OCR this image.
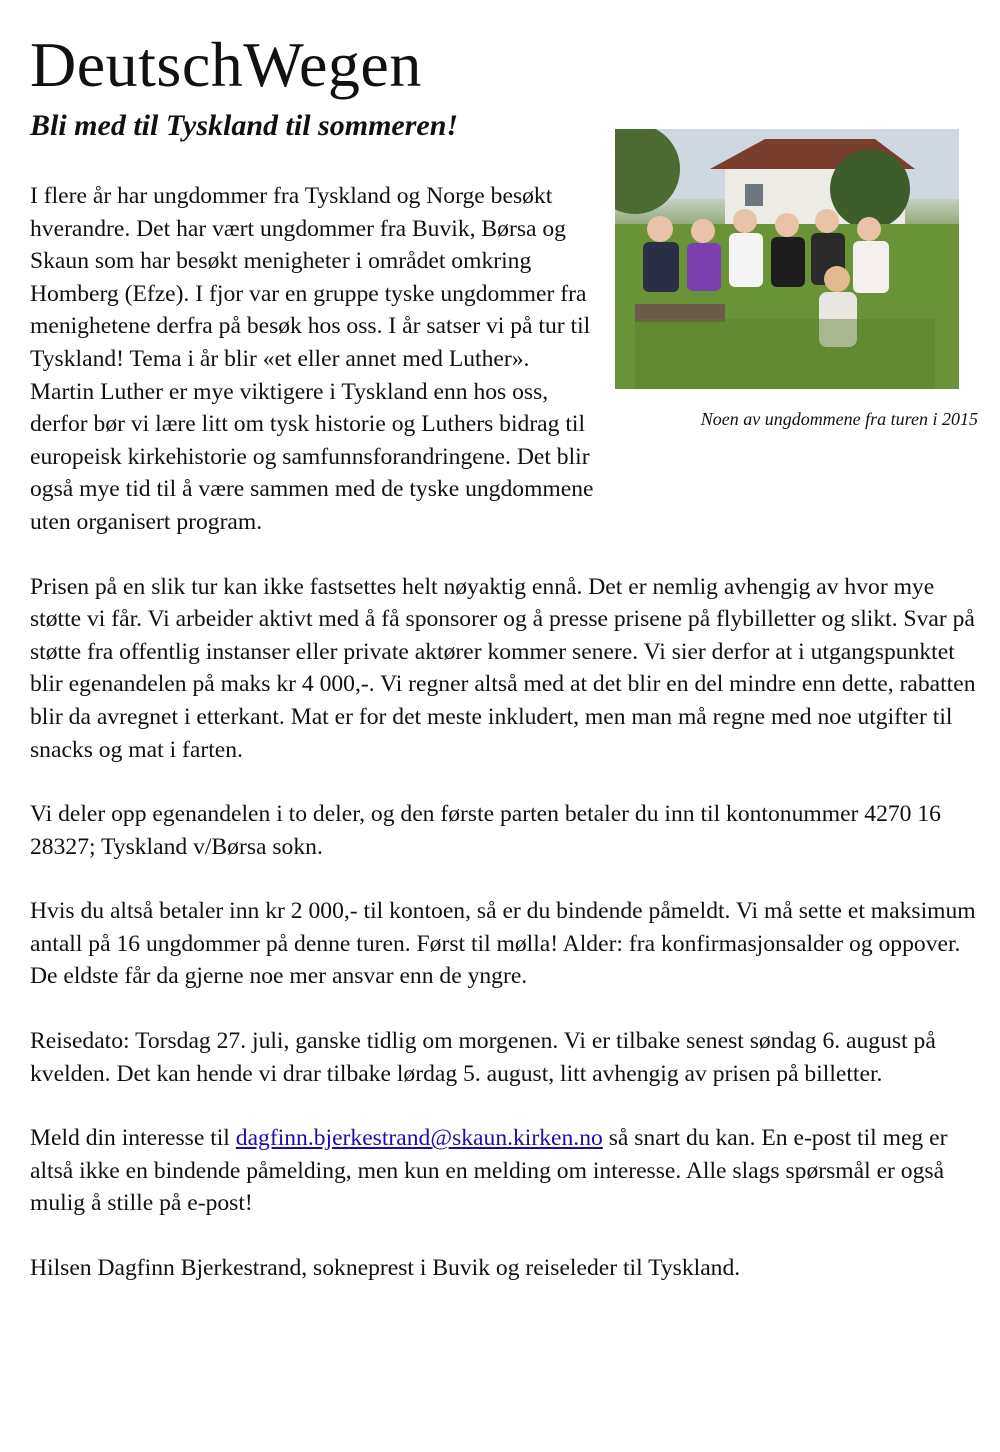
DeutschWegen
Bli med til Tyskland til sommeren!
Noen av ungdommene fra turen i 2015

I flere år har ungdommer fra Tyskland og Norge besøkt hverandre. Det har vært ungdommer fra Buvik, Børsa og Skaun som har besøkt menigheter i området omkring Homberg (Efze). I fjor var en gruppe tyske ungdommer fra menighetene derfra på besøk hos oss. I år satser vi på tur til Tyskland! Tema i år blir «et eller annet med Luther». Martin Luther er mye viktigere i Tyskland enn hos oss, derfor bør vi lære litt om tysk historie og Luthers bidrag til europeisk kirkehistorie og samfunnsforandringene. Det blir også mye tid til å være sammen med de tyske ungdommene uten organisert program.

Prisen på en slik tur kan ikke fastsettes helt nøyaktig ennå. Det er nemlig avhengig av hvor mye støtte vi får. Vi arbeider aktivt med å få sponsorer og å presse prisene på flybilletter og slikt. Svar på støtte fra offentlig instanser eller private aktører kommer senere. Vi sier derfor at i utgangspunktet blir egenandelen på maks kr 4 000,-. Vi regner altså med at det blir en del mindre enn dette, rabatten blir da avregnet i etterkant. Mat er for det meste inkludert, men man må regne med noe utgifter til snacks og mat i farten.

Vi deler opp egenandelen i to deler, og den første parten betaler du inn til kontonummer 4270 16 28327; Tyskland v/Børsa sokn.

Hvis du altså betaler inn kr 2 000,- til kontoen, så er du bindende påmeldt. Vi må sette et maksimum antall på 16 ungdommer på denne turen. Først til mølla! Alder: fra konfirmasjonsalder og oppover. De eldste får da gjerne noe mer ansvar enn de yngre.

Reisedato: Torsdag 27. juli, ganske tidlig om morgenen. Vi er tilbake senest søndag 6. august på kvelden. Det kan hende vi drar tilbake lørdag 5. august, litt avhengig av prisen på billetter.

Meld din interesse til dagfinn.bjerkestrand@skaun.kirken.no så snart du kan. En e-post til meg er altså ikke en bindende påmelding, men kun en melding om interesse. Alle slags spørsmål er også mulig å stille på e-post!

Hilsen Dagfinn Bjerkestrand, sokneprest i Buvik og reiseleder til Tyskland.
